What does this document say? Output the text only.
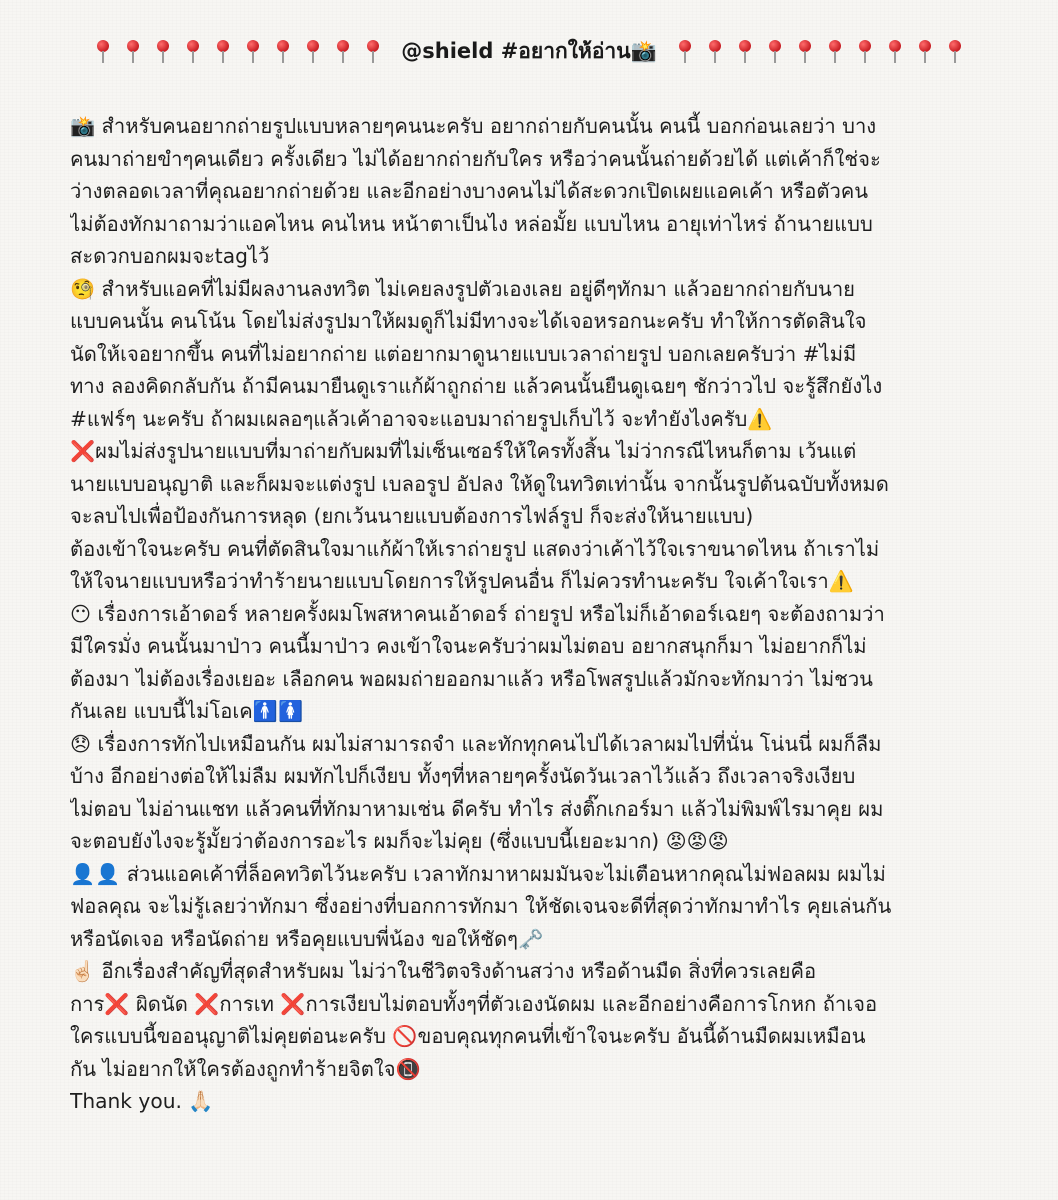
@shield #อยากให้อ่าน📸
📸 สำหรับคนอยากถ่ายรูปแบบหลายๆคนนะครับ อยากถ่ายกับคนนั้น คนนี้ บอกก่อนเลยว่า บาง
คนมาถ่ายขำๆคนเดียว ครั้งเดียว ไม่ได้อยากถ่ายกับใคร หรือว่าคนนั้นถ่ายด้วยได้ แต่เค้าก็ใช่จะ
ว่างตลอดเวลาที่คุณอยากถ่ายด้วย และอีกอย่างบางคนไม่ได้สะดวกเปิดเผยแอคเค้า หรือตัวคน
ไม่ต้องทักมาถามว่าแอคไหน คนไหน หน้าตาเป็นไง หล่อมั้ย แบบไหน อายุเท่าไหร่ ถ้านายแบบ
สะดวกบอกผมจะtagไว้
🧐 สำหรับแอคที่ไม่มีผลงานลงทวิต ไม่เคยลงรูปตัวเองเลย อยู่ดีๆทักมา แล้วอยากถ่ายกับนาย
แบบคนนั้น คนโน้น โดยไม่ส่งรูปมาให้ผมดูก็ไม่มีทางจะได้เจอหรอกนะครับ ทำให้การตัดสินใจ
นัดให้เจอยากขึ้น คนที่ไม่อยากถ่าย แต่อยากมาดูนายแบบเวลาถ่ายรูป บอกเลยครับว่า #ไม่มี
ทาง ลองคิดกลับกัน ถ้ามีคนมายืนดูเราแก้ผ้าถูกถ่าย แล้วคนนั้นยืนดูเฉยๆ ชักว่าวไป จะรู้สึกยังไง
#แฟร์ๆ นะครับ ถ้าผมเผลอๆแล้วเค้าอาจจะแอบมาถ่ายรูปเก็บไว้ จะทำยังไงครับ⚠️
❌ผมไม่ส่งรูปนายแบบที่มาถ่ายกับผมที่ไม่เซ็นเซอร์ให้ใครทั้งสิ้น ไม่ว่ากรณีไหนก็ตาม เว้นแต่
นายแบบอนุญาติ และก็ผมจะแต่งรูป เบลอรูป อัปลง ให้ดูในทวิตเท่านั้น จากนั้นรูปต้นฉบับทั้งหมด
จะลบไปเพื่อป้องกันการหลุด (ยกเว้นนายแบบต้องการไฟล์รูป ก็จะส่งให้นายแบบ)
ต้องเข้าใจนะครับ คนที่ตัดสินใจมาแก้ผ้าให้เราถ่ายรูป แสดงว่าเค้าไว้ใจเราขนาดไหน ถ้าเราไม่
ให้ใจนายแบบหรือว่าทำร้ายนายแบบโดยการให้รูปคนอื่น ก็ไม่ควรทำนะครับ ใจเค้าใจเรา⚠️
😶 เรื่องการเอ้าดอร์ หลายครั้งผมโพสหาคนเอ้าดอร์ ถ่ายรูป หรือไม่ก็เอ้าดอร์เฉยๆ จะต้องถามว่า
มีใครมั่ง คนนั้นมาป่าว คนนี้มาป่าว คงเข้าใจนะครับว่าผมไม่ตอบ อยากสนุกก็มา ไม่อยากก็ไม่
ต้องมา ไม่ต้องเรื่องเยอะ เลือกคน พอผมถ่ายออกมาแล้ว หรือโพสรูปแล้วมักจะทักมาว่า ไม่ชวน
กันเลย แบบนี้ไม่โอเค🚹🚺
😞 เรื่องการทักไปเหมือนกัน ผมไม่สามารถจำ และทักทุกคนไปได้เวลาผมไปที่นั่น โน่นนี่ ผมก็ลืม
บ้าง อีกอย่างต่อให้ไม่ลืม ผมทักไปก็เงียบ ทั้งๆที่หลายๆครั้งนัดวันเวลาไว้แล้ว ถึงเวลาจริงเงียบ
ไม่ตอบ ไม่อ่านแชท แล้วคนที่ทักมาหามเช่น ดีครับ ทำไร ส่งติ๊กเกอร์มา แล้วไม่พิมพ์ไรมาคุย ผม
จะตอบยังไงจะรู้มั้ยว่าต้องการอะไร ผมก็จะไม่คุย (ซึ่งแบบนี้เยอะมาก) 😡😡😡
👤👤 ส่วนแอคเค้าที่ล็อคทวิตไว้นะครับ เวลาทักมาหาผมมันจะไม่เตือนหากคุณไม่ฟอลผม ผมไม่
ฟอลคุณ จะไม่รู้เลยว่าทักมา ซึ่งอย่างที่บอกการทักมา ให้ชัดเจนจะดีที่สุดว่าทักมาทำไร คุยเล่นกัน
หรือนัดเจอ หรือนัดถ่าย หรือคุยแบบพี่น้อง ขอให้ชัดๆ🗝️
☝🏻 อีกเรื่องสำคัญที่สุดสำหรับผม ไม่ว่าในชีวิตจริงด้านสว่าง หรือด้านมืด สิ่งที่ควรเลยคือ
การ❌ ผิดนัด ❌การเท ❌การเงียบไม่ตอบทั้งๆที่ตัวเองนัดผม และอีกอย่างคือการโกหก ถ้าเจอ
ใครแบบนี้ขออนุญาติไม่คุยต่อนะครับ 🚫ขอบคุณทุกคนที่เข้าใจนะครับ อันนี้ด้านมืดผมเหมือน
กัน ไม่อยากให้ใครต้องถูกทำร้ายจิตใจ📵
Thank you. 🙏🏻
